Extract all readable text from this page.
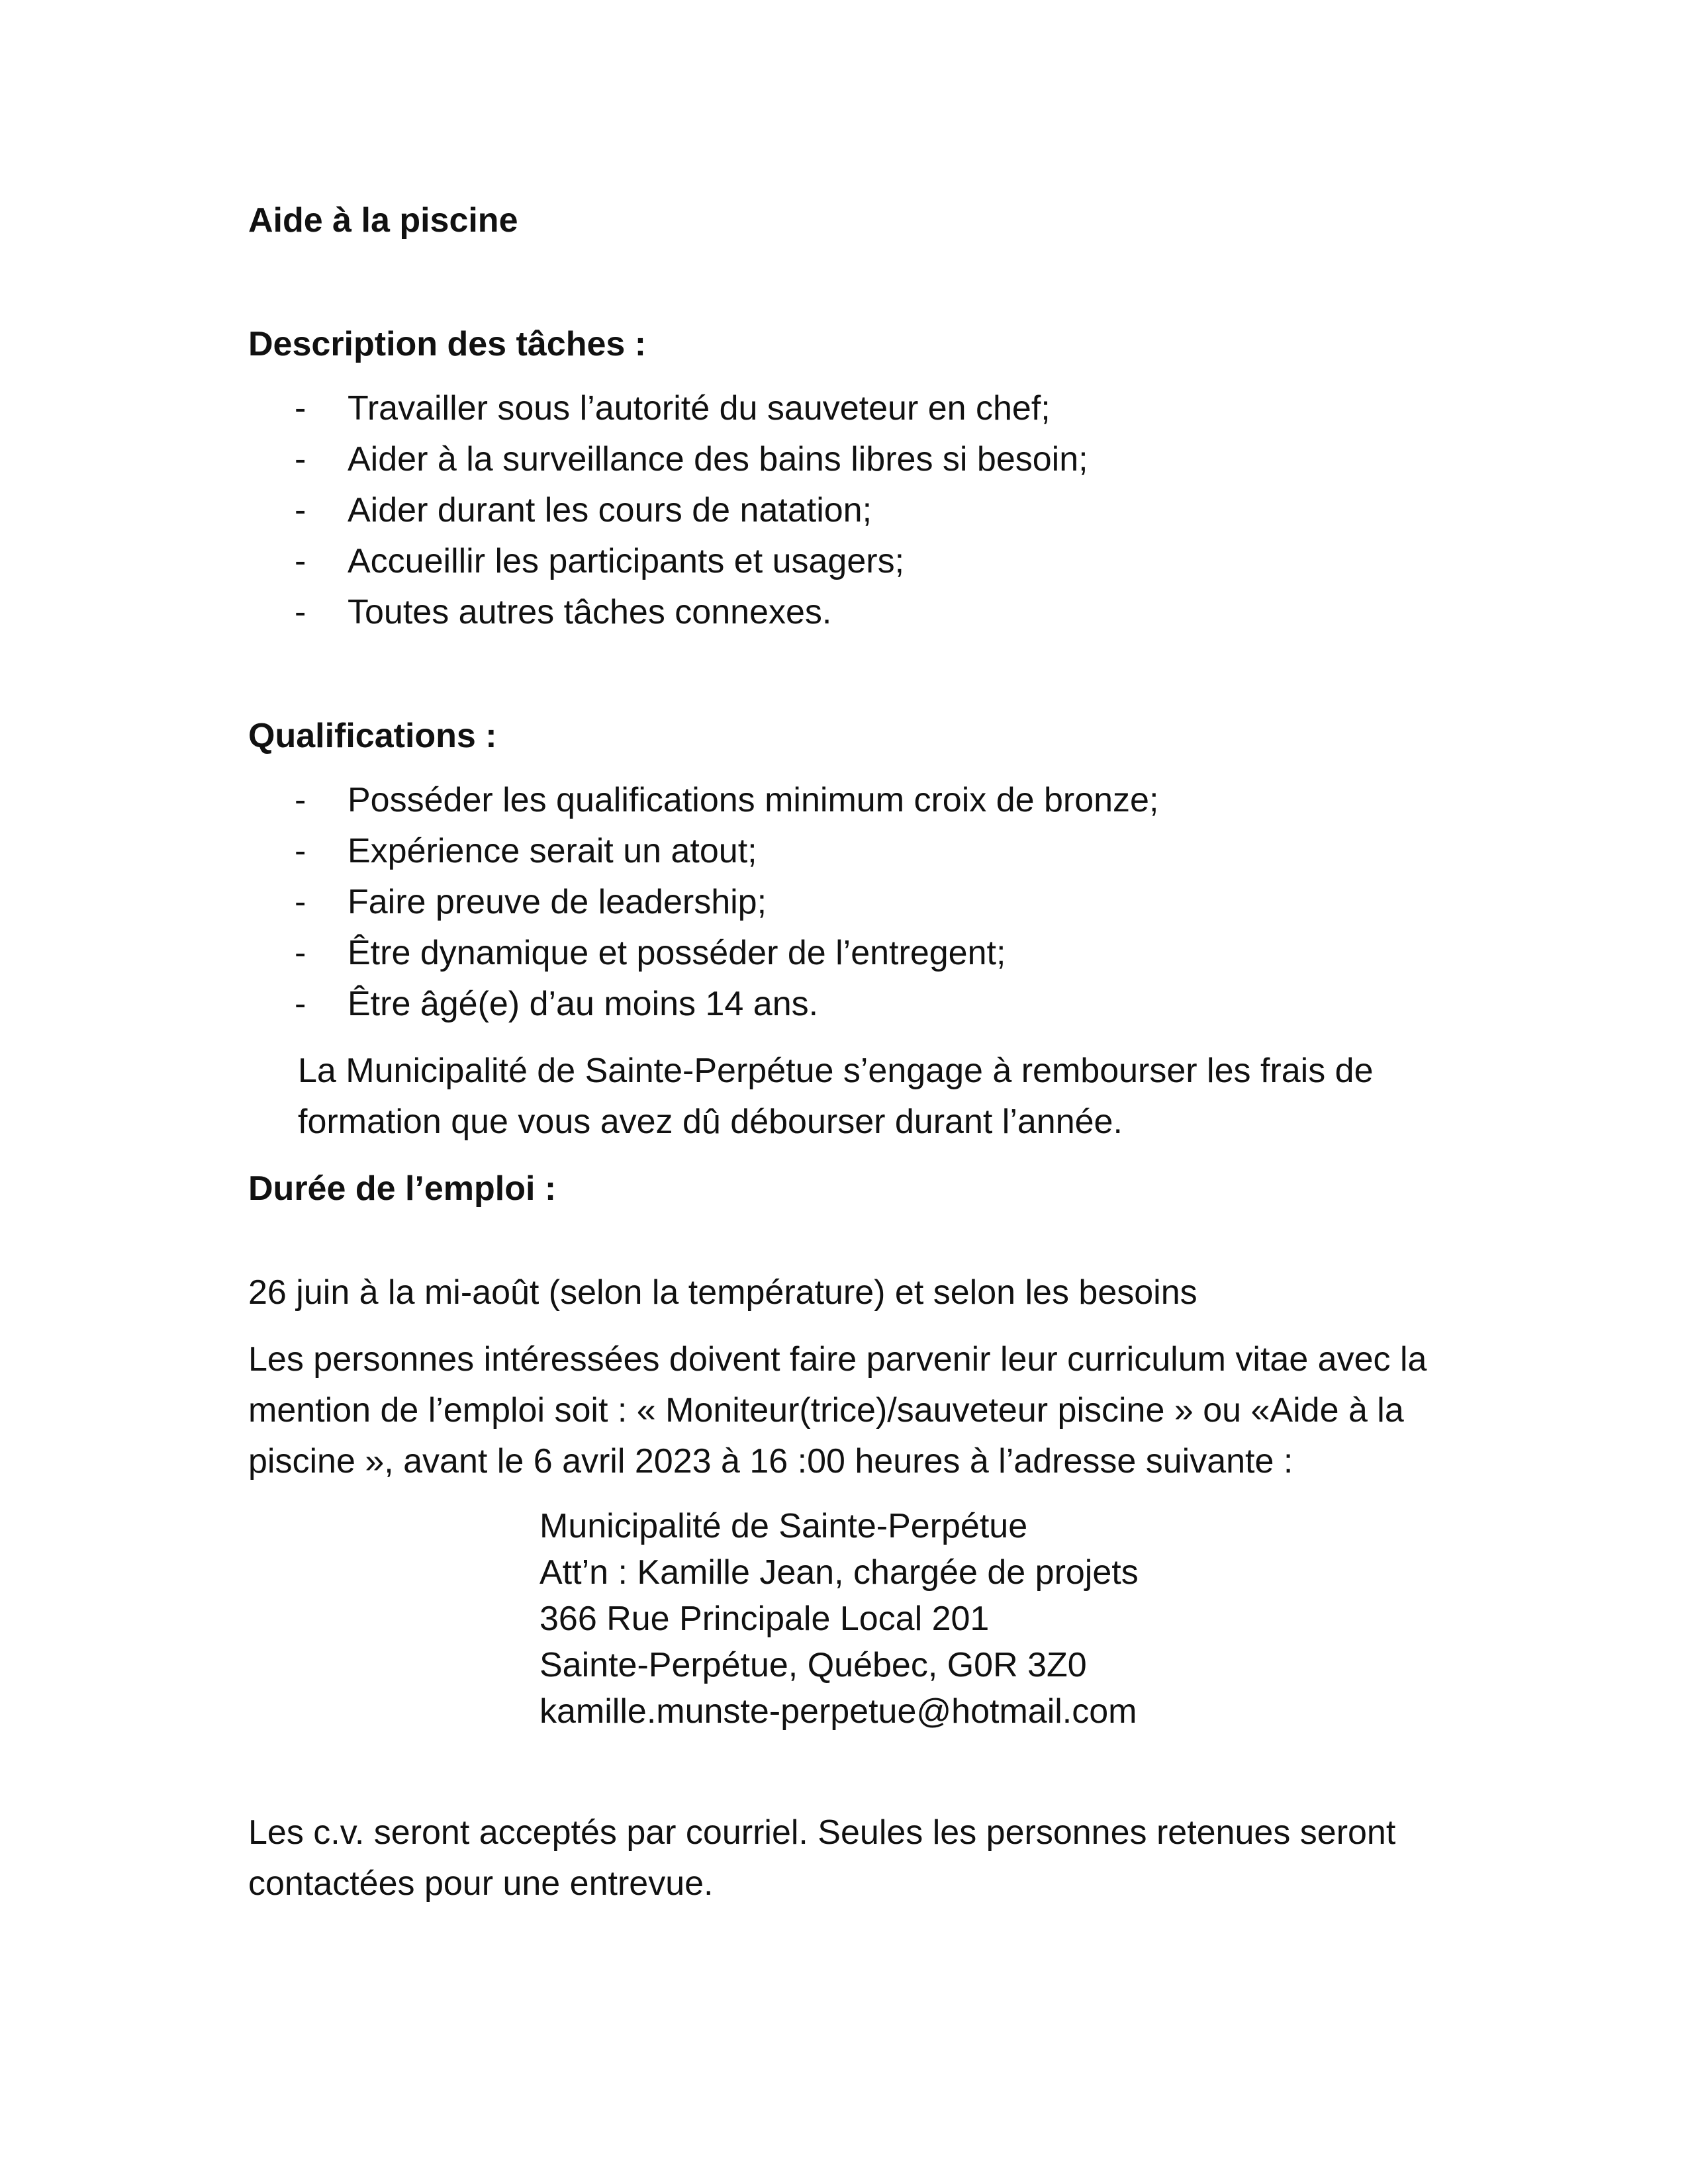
Aide à la piscine

Description des tâches :

- Travailler sous l’autorité du sauveteur en chef;
- Aider à la surveillance des bains libres si besoin;
- Aider durant les cours de natation;
- Accueillir les participants et usagers;
- Toutes autres tâches connexes.

Qualifications :

- Posséder les qualifications minimum croix de bronze;
- Expérience serait un atout;
- Faire preuve de leadership;
- Être dynamique et posséder de l’entregent;
- Être âgé(e) d’au moins 14 ans.

La Municipalité de Sainte-Perpétue s’engage à rembourser les frais de formation que vous avez dû débourser durant l’année.

Durée de l’emploi :

26 juin à la mi-août (selon la température) et selon les besoins

Les personnes intéressées doivent faire parvenir leur curriculum vitae avec la mention de l’emploi soit : « Moniteur(trice)/sauveteur piscine » ou «Aide à la piscine », avant le 6 avril 2023 à 16 :00 heures à l’adresse suivante :

Municipalité de Sainte-Perpétue
Att’n : Kamille Jean, chargée de projets
366 Rue Principale Local 201
Sainte-Perpétue, Québec, G0R 3Z0
kamille.munste-perpetue@hotmail.com

Les c.v. seront acceptés par courriel. Seules les personnes retenues seront contactées pour une entrevue.
